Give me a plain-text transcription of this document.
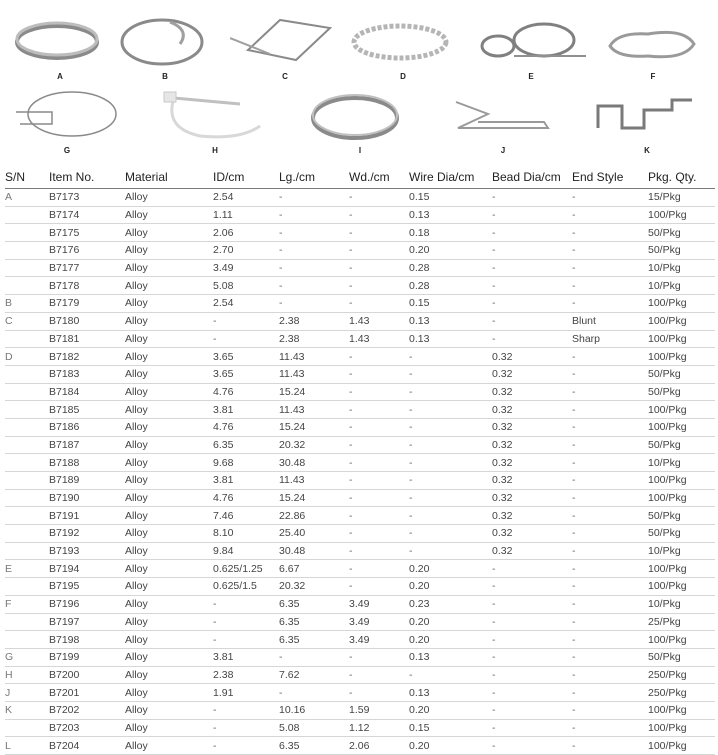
A	B	C	D	E	F
G	H	I	J	K
S/N	Item No.	Material	ID/cm	Lg./cm	Wd./cm	Wire Dia/cm	Bead Dia/cm	End Style	Pkg. Qty.
A	B7173	Alloy	2.54	-	-	0.15	-	-	15/Pkg
	B7174	Alloy	1.11	-	-	0.13	-	-	100/Pkg
	B7175	Alloy	2.06	-	-	0.18	-	-	50/Pkg
	B7176	Alloy	2.70	-	-	0.20	-	-	50/Pkg
	B7177	Alloy	3.49	-	-	0.28	-	-	10/Pkg
	B7178	Alloy	5.08	-	-	0.28	-	-	10/Pkg
B	B7179	Alloy	2.54	-	-	0.15	-	-	100/Pkg
C	B7180	Alloy	-	2.38	1.43	0.13	-	Blunt	100/Pkg
	B7181	Alloy	-	2.38	1.43	0.13	-	Sharp	100/Pkg
D	B7182	Alloy	3.65	11.43	-	-	0.32	-	100/Pkg
	B7183	Alloy	3.65	11.43	-	-	0.32	-	50/Pkg
	B7184	Alloy	4.76	15.24	-	-	0.32	-	50/Pkg
	B7185	Alloy	3.81	11.43	-	-	0.32	-	100/Pkg
	B7186	Alloy	4.76	15.24	-	-	0.32	-	100/Pkg
	B7187	Alloy	6.35	20.32	-	-	0.32	-	50/Pkg
	B7188	Alloy	9.68	30.48	-	-	0.32	-	10/Pkg
	B7189	Alloy	3.81	11.43	-	-	0.32	-	100/Pkg
	B7190	Alloy	4.76	15.24	-	-	0.32	-	100/Pkg
	B7191	Alloy	7.46	22.86	-	-	0.32	-	50/Pkg
	B7192	Alloy	8.10	25.40	-	-	0.32	-	50/Pkg
	B7193	Alloy	9.84	30.48	-	-	0.32	-	10/Pkg
E	B7194	Alloy	0.625/1.25	6.67	-	0.20	-	-	100/Pkg
	B7195	Alloy	0.625/1.5	20.32	-	0.20	-	-	100/Pkg
F	B7196	Alloy	-	6.35	3.49	0.23	-	-	10/Pkg
	B7197	Alloy	-	6.35	3.49	0.20	-	-	25/Pkg
	B7198	Alloy	-	6.35	3.49	0.20	-	-	100/Pkg
G	B7199	Alloy	3.81	-	-	0.13	-	-	50/Pkg
H	B7200	Alloy	2.38	7.62	-	-	-	-	250/Pkg
J	B7201	Alloy	1.91	-	-	0.13	-	-	250/Pkg
K	B7202	Alloy	-	10.16	1.59	0.20	-	-	100/Pkg
	B7203	Alloy	-	5.08	1.12	0.15	-	-	100/Pkg
L	B7204	Alloy	-	6.35	2.06	0.20	-	-	100/Pkg
